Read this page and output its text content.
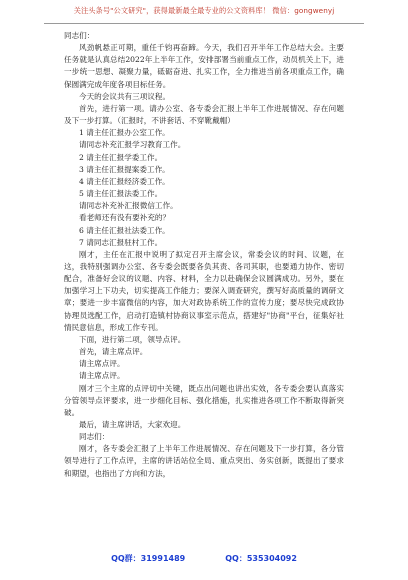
关注头条号"公文研究"，获得最新最全最专业的公文资料库！ 微信：gongwenyj

同志们：

风劲帆悬正可期，重任千钧再奋蹄。今天，我们召开半年工作总结大会。主要任务就是认真总结2022年上半年工作，安排部署当前重点工作，动员机关上下，进一步统一思想、凝聚力量，砥砺奋进、扎实工作，全力推进当前各项重点工作，确保圆满完成年度各项目标任务。

今天的会议共有三项议程。

首先，进行第一项。请办公室、各专委会汇报上半年工作进展情况、存在问题及下一步打算。（汇报时，不讲套话、不穿靴戴帽）

1 请主任汇报办公室工作。

请同志补充汇报学习教育工作。

2 请主任汇报学委工作。

3 请主任汇报提案委工作。

4 请主任汇报经济委工作。

5 请主任汇报法委工作。

请同志补充补汇报微信工作。

看老师还有没有要补充的？

6 请主任汇报社法委工作。

7 请同志汇报驻村工作。

刚才，主任在汇报中说明了拟定召开主席会议，常委会议的时间、议题，在这，我特别强调办公室、各专委会既要各负其责、各司其职，也要通力协作、密切配合，准备好会议的议题、内容、材料，全力以赴确保会议圆满成功。另外，要在加强学习上下功夫，切实提高工作能力；要深入调查研究，撰写好高质量的调研文章；要进一步丰富微信的内容，加大对政协系统工作的宣传力度；要尽快完成政协协理员选配工作，启动打造镇村协商议事室示范点，搭建好"协商"平台，征集好社情民意信息，形成工作专刊。

下面，进行第二项，领导点评。

首先，请主席点评。

请主席点评。

请主席点评。

刚才三个主席的点评切中关键，既点出问题也讲出实效，各专委会要认真落实分管领导点评要求，进一步细化目标、强化措施，扎实推进各项工作不断取得新突破。

最后，请主席讲话，大家欢迎。

同志们：

刚才，各专委会汇报了上半年工作进展情况、存在问题及下一步打算，各分管领导进行了工作点评，主席的讲话站位全局、重点突出、务实创新，既提出了要求和期望，也指出了方向和方法，

QQ群：31991489	QQ：535304092
